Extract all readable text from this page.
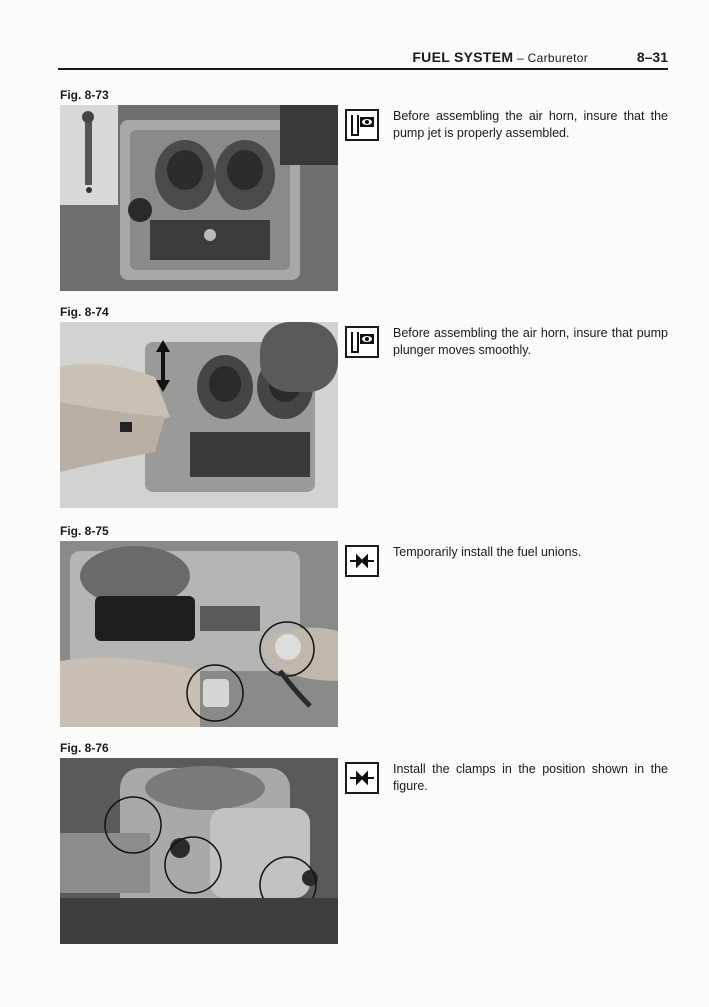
FUEL SYSTEM – Carburetor	8–31
Fig. 8-73
Before assembling the air horn, insure that the pump jet is properly assembled.
Fig. 8-74
Before assembling the air horn, insure that pump plunger moves smoothly.
Fig. 8-75
Temporarily install the fuel unions.
Fig. 8-76
Install the clamps in the position shown in the figure.
